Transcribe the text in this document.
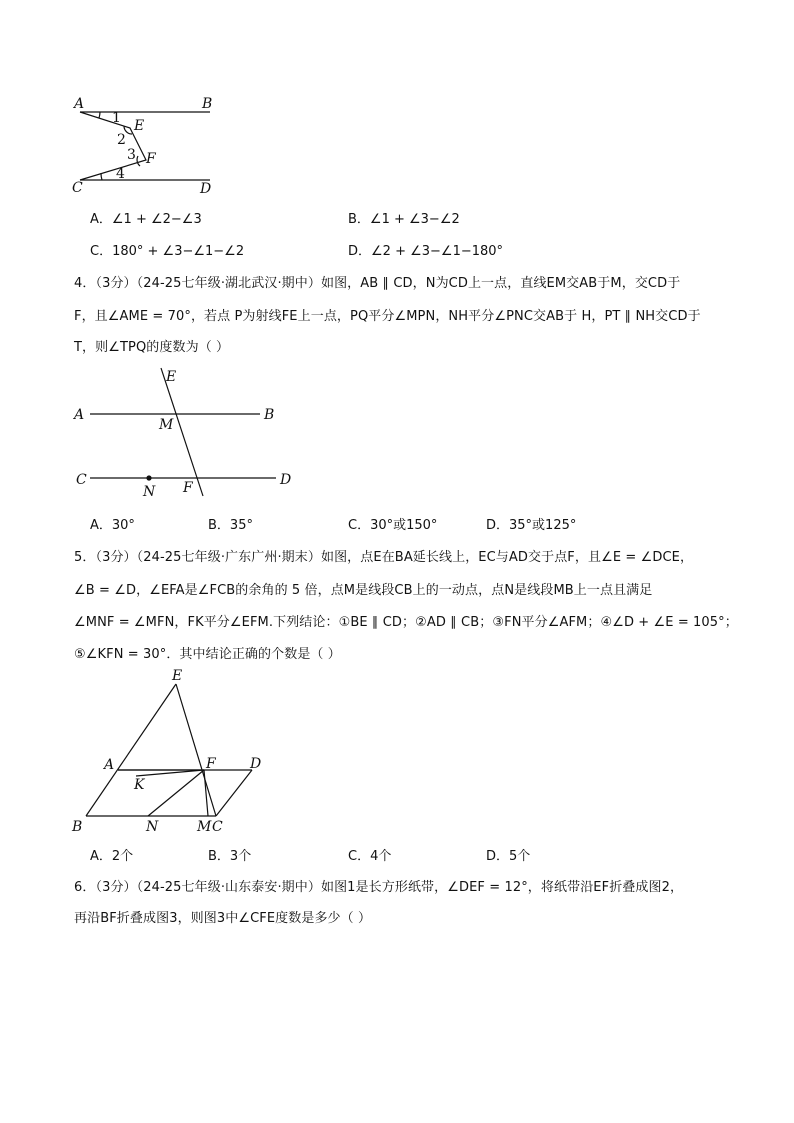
A	B
E
F
C	D
1
2
3
4
A．∠1 + ∠2−∠3	B．∠1 + ∠3−∠2
C．180° + ∠3−∠1−∠2	D．∠2 + ∠3−∠1−180°
4．（3分）（24-25七年级·湖北武汉·期中）如图，AB ∥ CD，N为CD上一点，直线EM交AB于M，交CD于
F，且∠AME = 70°，若点 P为射线FE上一点，PQ平分∠MPN，NH平分∠PNC交AB于 H，PT ∥ NH交CD于
T，则∠TPQ的度数为（ ）
E
A	B
M
C	D
N F
A．30°	B．35°	C．30°或150°	D．35°或125°
5．（3分）（24-25七年级·广东广州·期末）如图，点E在BA延长线上，EC与AD交于点F，且∠E = ∠DCE，
∠B = ∠D，∠EFA是∠FCB的余角的 5 倍，点M是线段CB上的一动点，点N是线段MB上一点且满足
∠MNF = ∠MFN，FK平分∠EFM.下列结论：①BE ∥ CD；②AD ∥ CB；③FN平分∠AFM；④∠D + ∠E = 105°；
⑤∠KFN = 30°．其中结论正确的个数是（ ）
E
A	F D
K
B	N	M C
A．2个	B．3个	C．4个	D．5个
6．（3分）（24-25七年级·山东泰安·期中）如图1是长方形纸带，∠DEF = 12°，将纸带沿EF折叠成图2，
再沿BF折叠成图3，则图3中∠CFE度数是多少（ ）
